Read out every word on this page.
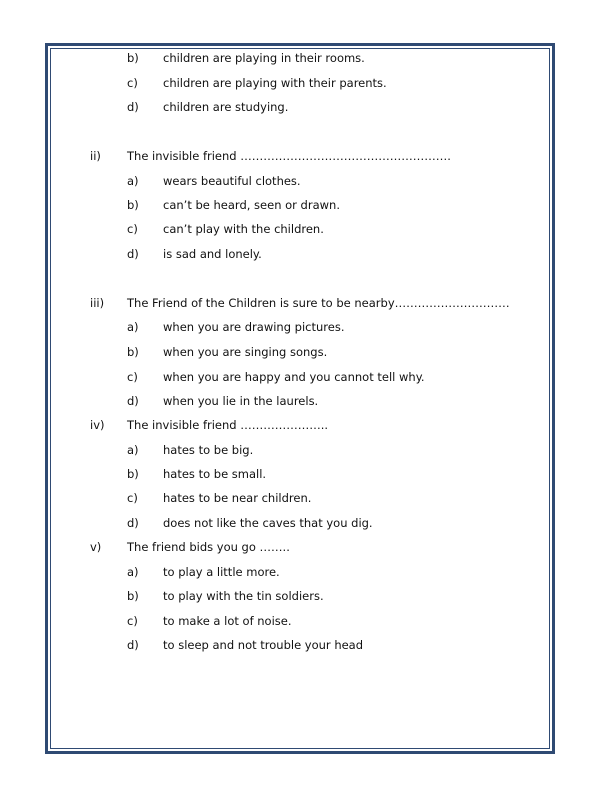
b) children are playing in their rooms.
c) children are playing with their parents.
d) children are studying.
ii) The invisible friend ……………………………………………….
a) wears beautiful clothes.
b) can’t be heard, seen or drawn.
c) can’t play with the children.
d) is sad and lonely.
iii) The Friend of the Children is sure to be nearby…………………………
a) when you are drawing pictures.
b) when you are singing songs.
c) when you are happy and you cannot tell why.
d) when you lie in the laurels.
iv) The invisible friend …………………..
a) hates to be big.
b) hates to be small.
c) hates to be near children.
d) does not like the caves that you dig.
v) The friend bids you go ……..
a) to play a little more.
b) to play with the tin soldiers.
c) to make a lot of noise.
d) to sleep and not trouble your head
